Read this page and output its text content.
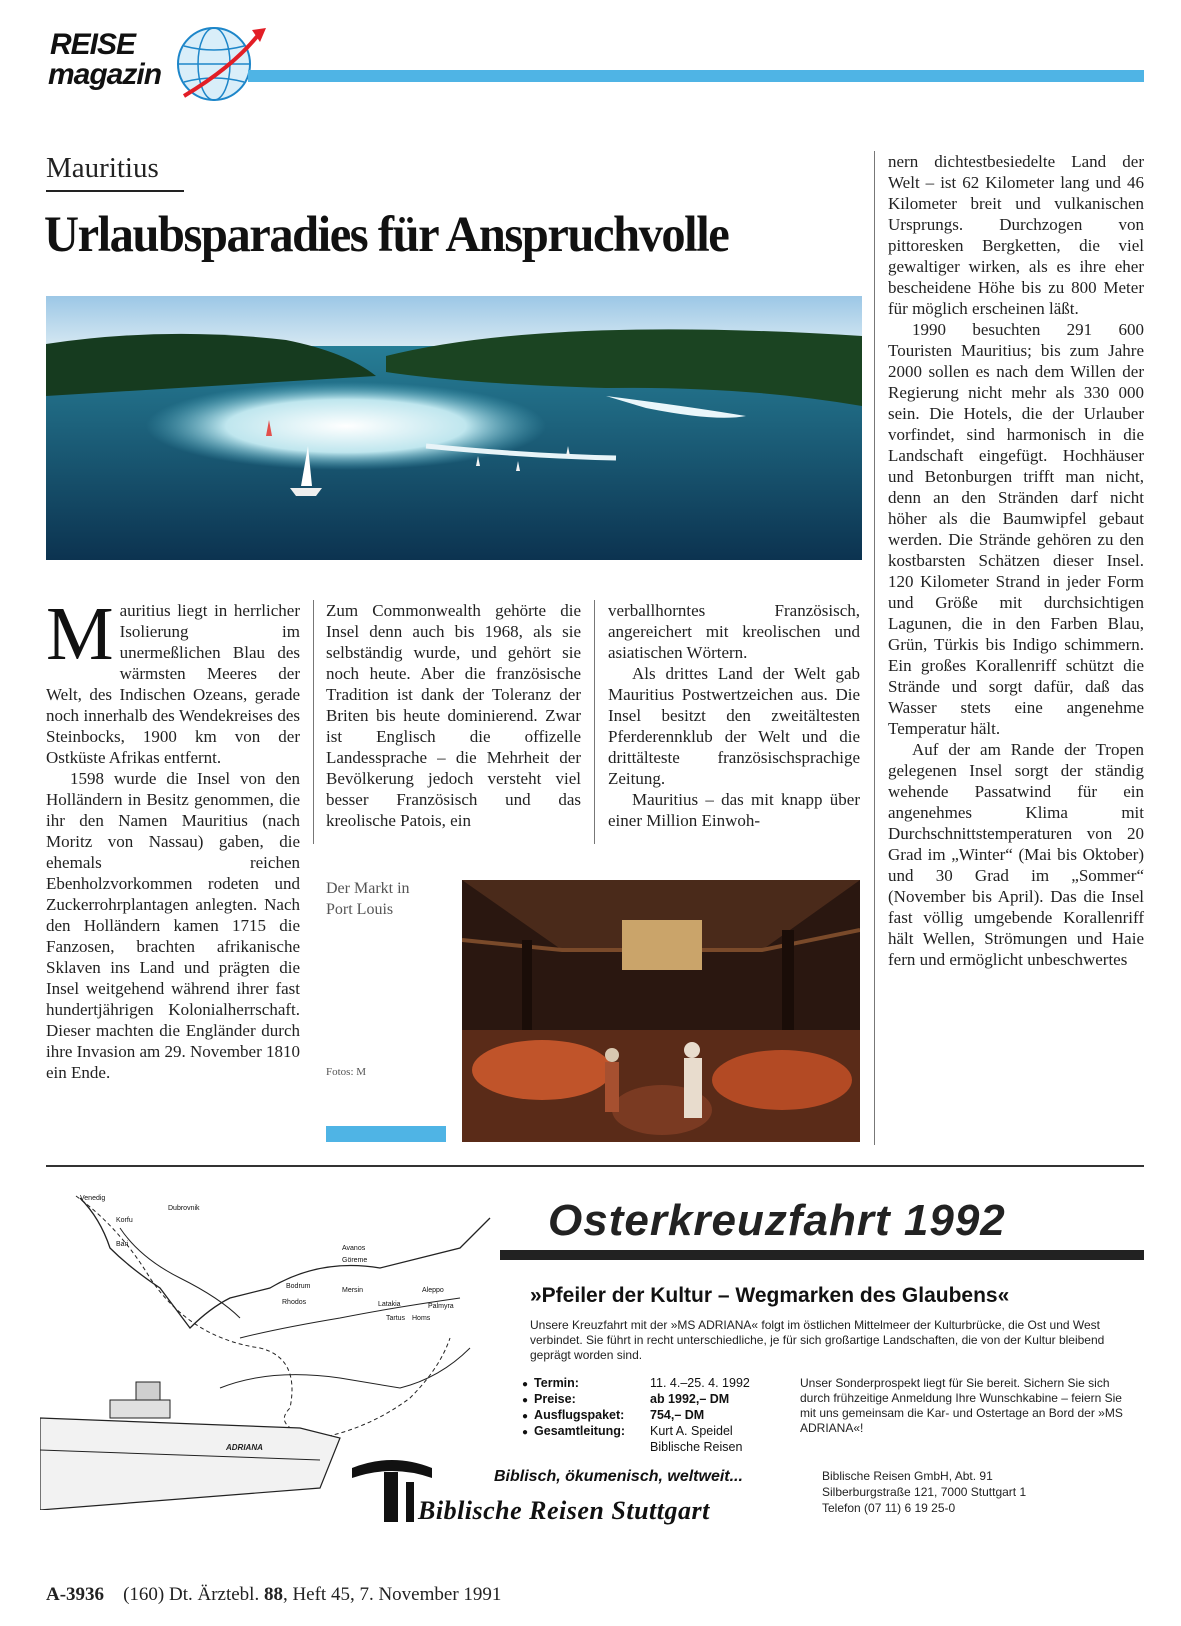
REISE
magazin
Mauritius
Urlaubsparadies für Anspruchvolle
M auritius liegt in herrlicher Isolierung im unermeßlichen Blau des wärmsten Meeres der Welt, des Indischen Ozeans, gerade noch innerhalb des Wendekreises des Steinbocks, 1900 km von der Ostküste Afrikas entfernt.

1598 wurde die Insel von den Holländern in Besitz genommen, die ihr den Namen Mauritius (nach Moritz von Nassau) gaben, die ehemals reichen Ebenholzvorkommen rodeten und Zuckerrohrplantagen anlegten. Nach den Holländern kamen 1715 die Fanzosen, brachten afrikanische Sklaven ins Land und prägten die Insel weitgehend während ihrer fast hundertjährigen Kolonialherrschaft. Dieser machten die Engländer durch ihre Invasion am 29. November 1810 ein Ende.

Zum Commonwealth gehörte die Insel denn auch bis 1968, als sie selbständig wurde, und gehört sie noch heute. Aber die französische Tradition ist dank der Toleranz der Briten bis heute dominierend. Zwar ist Englisch die offizelle Landessprache – die Mehrheit der Bevölkerung jedoch versteht viel besser Französisch und das kreolische Patois, ein

verballhorntes Französisch, angereichert mit kreolischen und asiatischen Wörtern.

Als drittes Land der Welt gab Mauritius Postwertzeichen aus. Die Insel besitzt den zweitältesten Pferderennklub der Welt und die drittälteste französischsprachige Zeitung.

Mauritius – das mit knapp über einer Million Einwoh-

nern dichtestbesiedelte Land der Welt – ist 62 Kilometer lang und 46 Kilometer breit und vulkanischen Ursprungs. Durchzogen von pittoresken Bergketten, die viel gewaltiger wirken, als es ihre eher bescheidene Höhe bis zu 800 Meter für möglich erscheinen läßt.

1990 besuchten 291 600 Touristen Mauritius; bis zum Jahre 2000 sollen es nach dem Willen der Regierung nicht mehr als 330 000 sein. Die Hotels, die der Urlauber vorfindet, sind harmonisch in die Landschaft eingefügt. Hochhäuser und Betonburgen trifft man nicht, denn an den Stränden darf nicht höher als die Baumwipfel gebaut werden. Die Strände gehören zu den kostbarsten Schätzen dieser Insel. 120 Kilometer Strand in jeder Form und Größe mit durchsichtigen Lagunen, die in den Farben Blau, Grün, Türkis bis Indigo schimmern. Ein großes Korallenriff schützt die Strände und sorgt dafür, daß das Wasser stets eine angenehme Temperatur hält.

Auf der am Rande der Tropen gelegenen Insel sorgt der ständig wehende Passatwind für ein angenehmes Klima mit Durchschnittstemperaturen von 20 Grad im „Winter“ (Mai bis Oktober) und 30 Grad im „Sommer“ (November bis April). Das die Insel fast völlig umgebende Korallenriff hält Wellen, Strömungen und Haie fern und ermöglicht unbeschwertes

Der Markt in Port Louis
Fotos: M
Venedig
Dubrovnik
Korfu
Bari
Avanos
Göreme
Bodrum
Mersin	Aleppo
Rhodos	Latakia	Palmyra
Tartus Homs
ADRIANA
Osterkreuzfahrt 1992
»Pfeiler der Kultur – Wegmarken des Glaubens«
Unsere Kreuzfahrt mit der »MS ADRIANA« folgt im östlichen Mittelmeer der Kulturbrücke, die Ost und West verbindet. Sie führt in recht unterschiedliche, je für sich großartige Landschaften, die von der Kultur bleibend geprägt worden sind.
● Termin:	11. 4.–25. 4. 1992
● Preise:	ab 1992,– DM
● Ausflugspaket:	754,– DM
● Gesamtleitung:	Kurt A. Speidel
Biblische Reisen
Unser Sonderprospekt liegt für Sie bereit. Sichern Sie sich durch frühzeitige Anmeldung Ihre Wunschkabine – feiern Sie mit uns gemeinsam die Kar- und Ostertage an Bord der »MS ADRIANA«!
Biblisch, ökumenisch, weltweit...
Biblische Reisen Stuttgart
Biblische Reisen GmbH, Abt. 91
Silberburgstraße 121, 7000 Stuttgart 1
Telefon (07 11) 6 19 25-0
A-3936 (160) Dt. Ärztebl. 88, Heft 45, 7. November 1991
